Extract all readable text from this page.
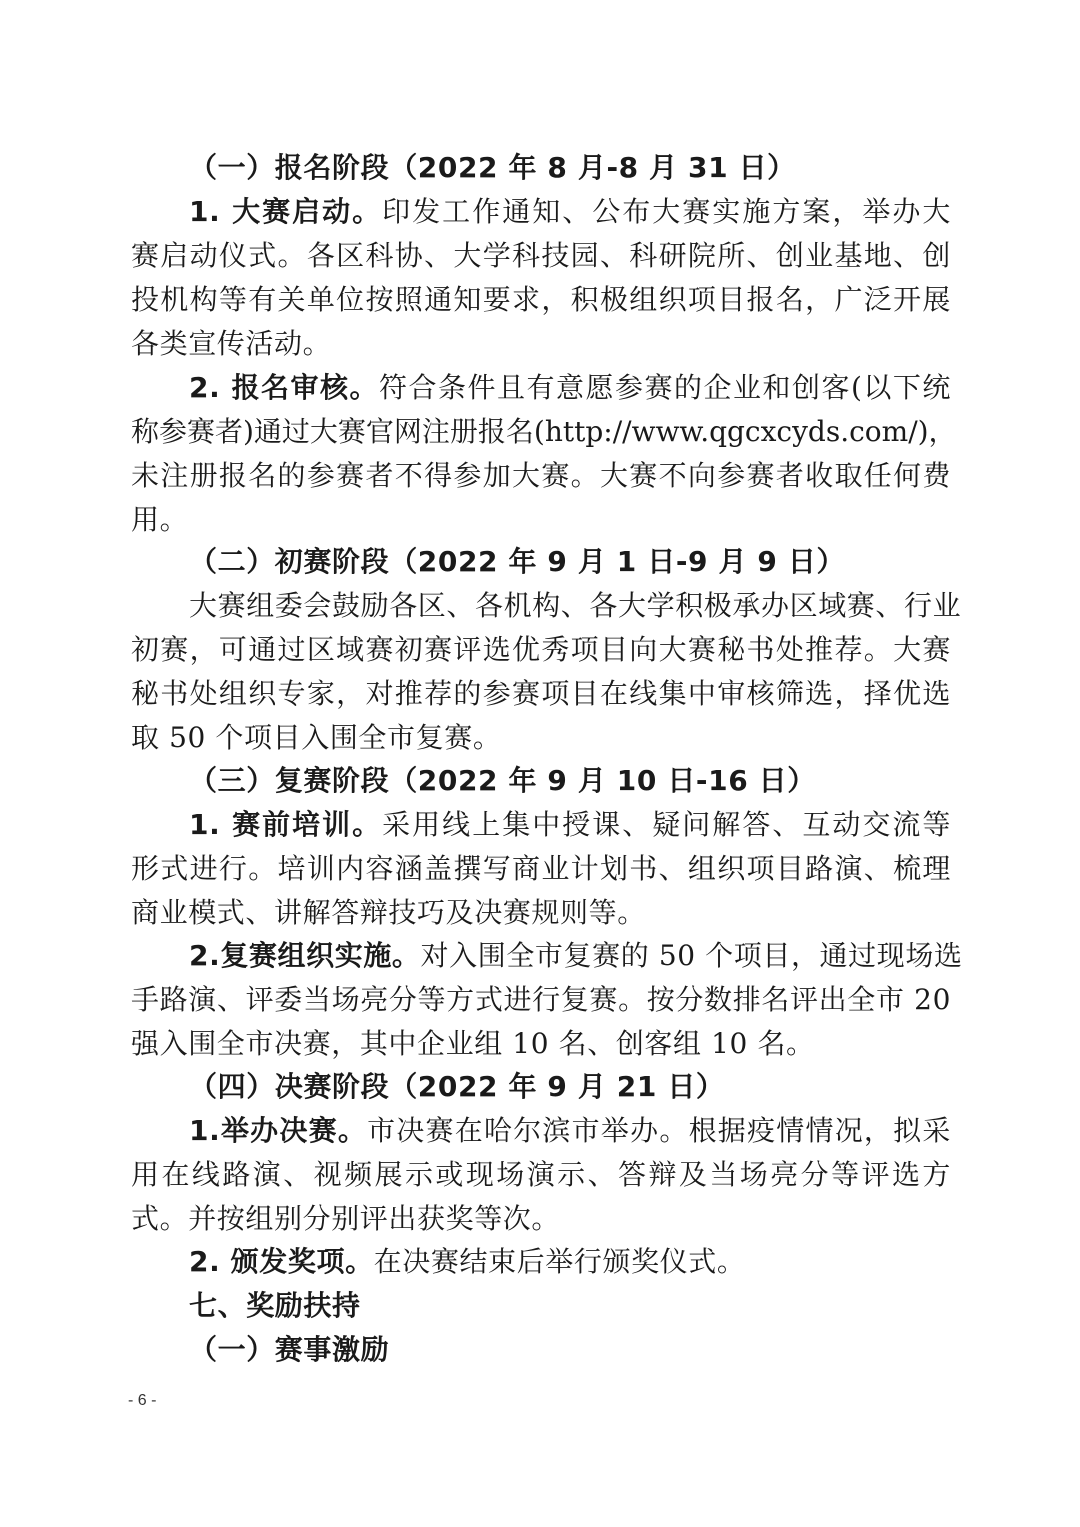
（一）报名阶段（2022 年 8 月-8 月 31 日）
1. 大赛启动。印发工作通知、公布大赛实施方案，举办大
赛启动仪式。各区科协、大学科技园、科研院所、创业基地、创
投机构等有关单位按照通知要求，积极组织项目报名，广泛开展
各类宣传活动。
2. 报名审核。符合条件且有意愿参赛的企业和创客(以下统
称参赛者)通过大赛官网注册报名(http://www.qgcxcyds.com/)，
未注册报名的参赛者不得参加大赛。大赛不向参赛者收取任何费
用。
（二）初赛阶段（2022 年 9 月 1 日-9 月 9 日）
大赛组委会鼓励各区、各机构、各大学积极承办区域赛、行业
初赛，可通过区域赛初赛评选优秀项目向大赛秘书处推荐。大赛
秘书处组织专家，对推荐的参赛项目在线集中审核筛选，择优选
取 50 个项目入围全市复赛。
（三）复赛阶段（2022 年 9 月 10 日-16 日）
1. 赛前培训。采用线上集中授课、疑问解答、互动交流等
形式进行。培训内容涵盖撰写商业计划书、组织项目路演、梳理
商业模式、讲解答辩技巧及决赛规则等。
2.复赛组织实施。对入围全市复赛的 50 个项目，通过现场选
手路演、评委当场亮分等方式进行复赛。按分数排名评出全市 20
强入围全市决赛，其中企业组 10 名、创客组 10 名。
（四）决赛阶段（2022 年 9 月 21 日）
1.举办决赛。市决赛在哈尔滨市举办。根据疫情情况，拟采
用在线路演、视频展示或现场演示、答辩及当场亮分等评选方
式。并按组别分别评出获奖等次。
2. 颁发奖项。在决赛结束后举行颁奖仪式。
七、奖励扶持
（一）赛事激励
- 6 -
